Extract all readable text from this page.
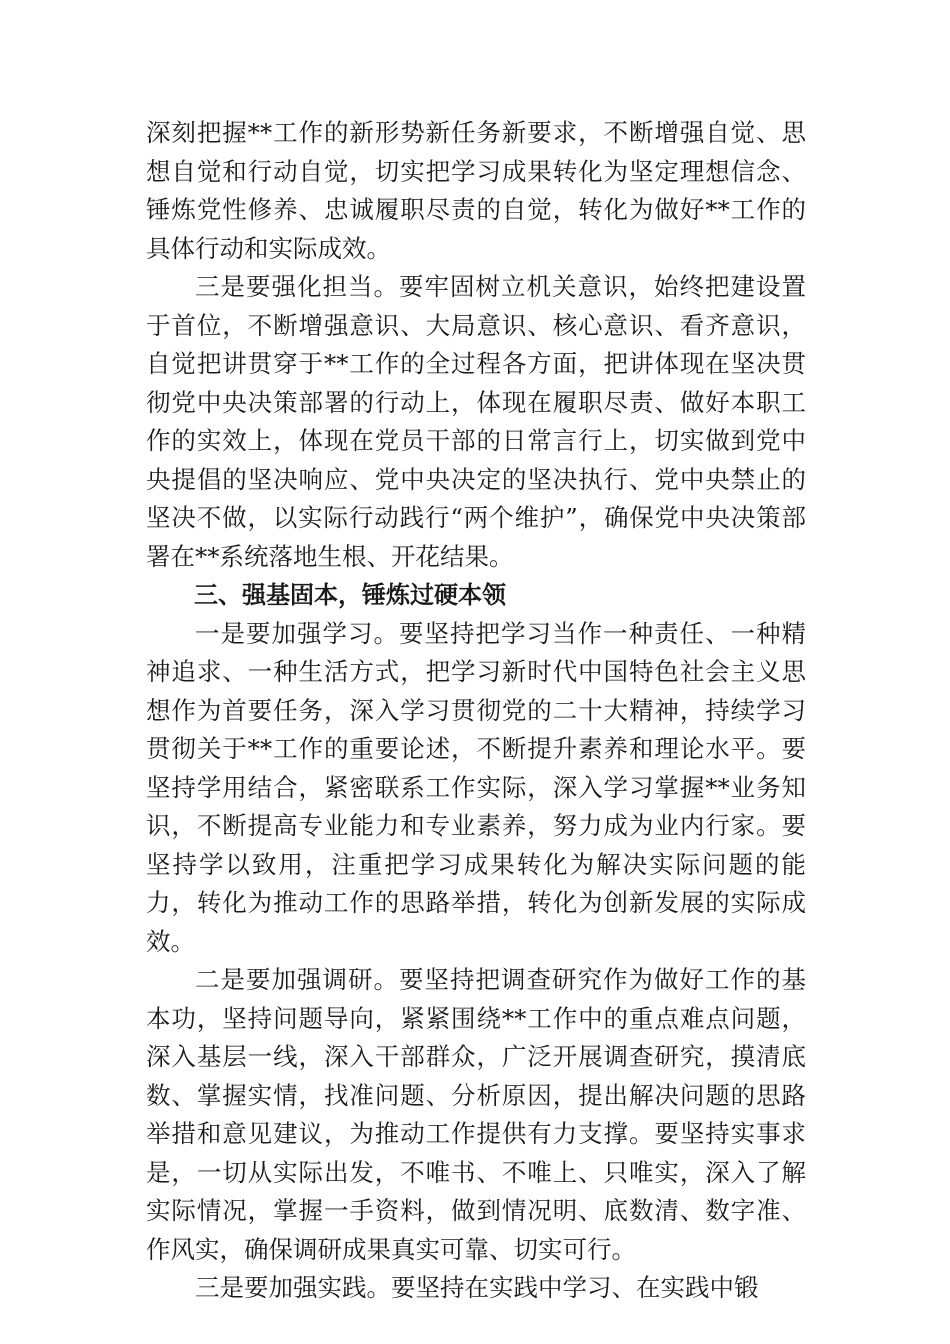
深刻把握**工作的新形势新任务新要求，不断增强自觉、思想自觉和行动自觉，切实把学习成果转化为坚定理想信念、锤炼党性修养、忠诚履职尽责的自觉，转化为做好**工作的具体行动和实际成效。

三是要强化担当。要牢固树立机关意识，始终把建设置于首位，不断增强意识、大局意识、核心意识、看齐意识，自觉把讲贯穿于**工作的全过程各方面，把讲体现在坚决贯彻党中央决策部署的行动上，体现在履职尽责、做好本职工作的实效上，体现在党员干部的日常言行上，切实做到党中央提倡的坚决响应、党中央决定的坚决执行、党中央禁止的坚决不做，以实际行动践行“两个维护”，确保党中央决策部署在**系统落地生根、开花结果。

三、强基固本，锤炼过硬本领

一是要加强学习。要坚持把学习当作一种责任、一种精神追求、一种生活方式，把学习新时代中国特色社会主义思想作为首要任务，深入学习贯彻党的二十大精神，持续学习贯彻关于**工作的重要论述，不断提升素养和理论水平。要坚持学用结合，紧密联系工作实际，深入学习掌握**业务知识，不断提高专业能力和专业素养，努力成为业内行家。要坚持学以致用，注重把学习成果转化为解决实际问题的能力，转化为推动工作的思路举措，转化为创新发展的实际成效。

二是要加强调研。要坚持把调查研究作为做好工作的基本功，坚持问题导向，紧紧围绕**工作中的重点难点问题，深入基层一线，深入干部群众，广泛开展调查研究，摸清底数、掌握实情，找准问题、分析原因，提出解决问题的思路举措和意见建议，为推动工作提供有力支撑。要坚持实事求是，一切从实际出发，不唯书、不唯上、只唯实，深入了解实际情况，掌握一手资料，做到情况明、底数清、数字准、作风实，确保调研成果真实可靠、切实可行。

三是要加强实践。要坚持在实践中学习、在实践中锻
